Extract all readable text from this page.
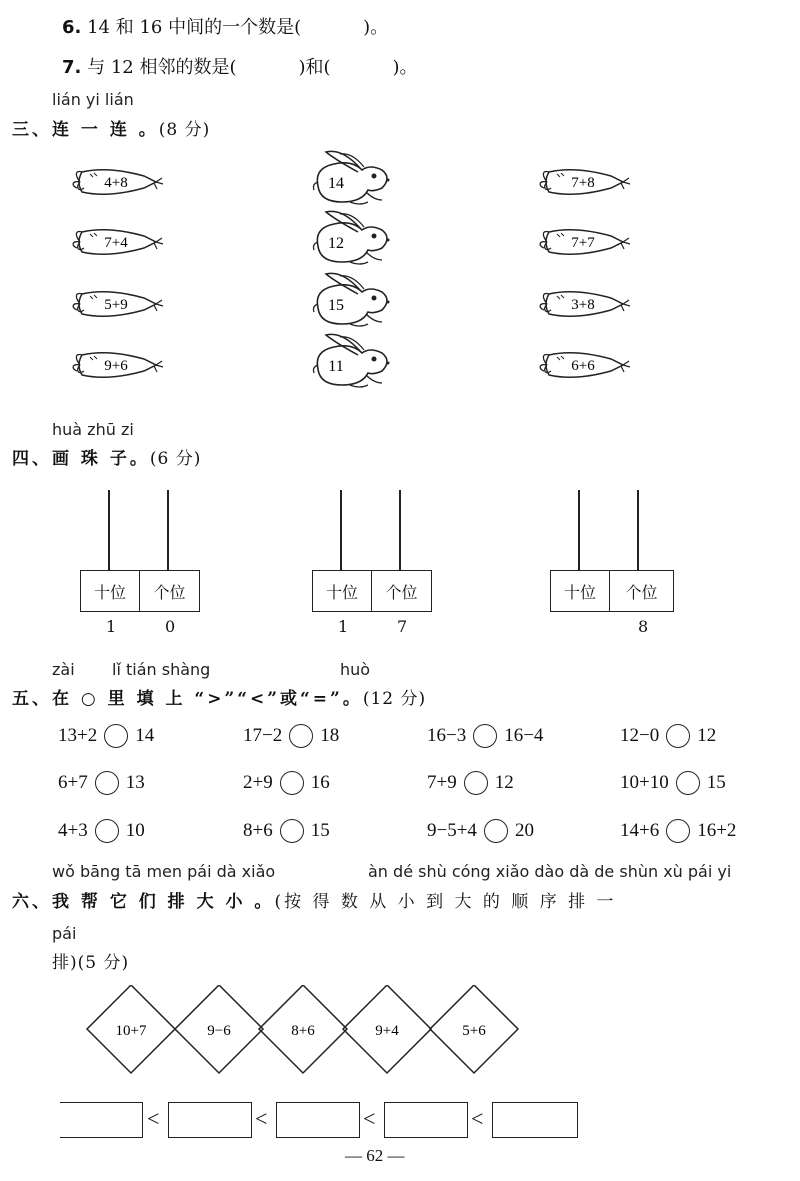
6. 14 和 16 中间的一个数是(	)。
7. 与 12 相邻的数是(	)和(	)。
lián yi lián
三、连 一 连 。(8 分)
4+8
7+4
5+9
9+6
14
12
15
11
7+8
7+7
3+8
6+6
huà zhū zi
四、画 珠 子。(6 分)
十位	个位
1	0
十位	个位
1	7
十位	个位
8
zài lǐ tián shàng	huò
五、在 ○ 里 填 上 “>”“<”或“=”。(12 分)
13+2 14	17−2 18	16−3 16−4	12−0 12
6+7 13	2+9 16	7+9 12	10+10 15
4+3 10	8+6 15	9−5+4 20	14+6 16+2
wǒ bāng tā men pái dà xiǎo	àn dé shù cóng xiǎo dào dà de shùn xù pái yi
六、我 帮 它 们 排 大 小 。(按 得 数 从 小 到 大 的 顺 序 排 一
pái
排)(5 分)
10+7	9−6	8+6	9+4	5+6
<	<	<	<
— 62 —
